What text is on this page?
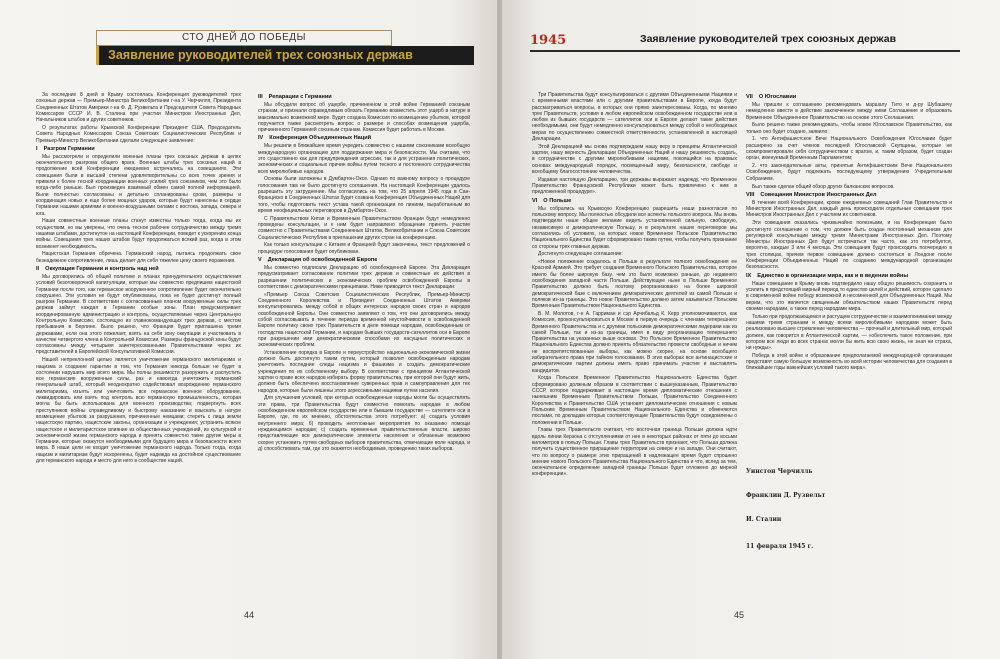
СТО ДНЕЙ ДО ПОБЕДЫ
Заявление руководителей трех союзных держав

За последние 8 дней в Крыму состоялась Конференция руководителей трех союзных держав — Премьер-Министра Великобритании г-на У. Черчилля, Президента Соединенных Штатов Америки г-на Ф. Д. Рузвельта и Председателя Совета Народных Комиссаров СССР И. В. Сталина при участии Министров Иностранных Дел, Начальников штабов и других советников.

О результатах работы Крымской Конференции Президент США, Председатель Совета Народных Комиссаров Союза Советских Социалистических Республик и Премьер-Министр Великобритании сделали следующее заявление:

I Разгром Германии

Мы рассмотрели и определили военные планы трех союзных держав в целях окончательного разгрома общего врага. Военные штабы трех союзных наций в продолжение всей Конференции ежедневно встречались на совещаниях. Эти совещания были в высшей степени удовлетворительны со всех точек зрения и привели к более тесной координации военных усилий трех союзников, чем это было когда-либо раньше. Был произведен взаимный обмен самой полной информацией. Были полностью согласованы и детально спланированы сроки, размеры и координация новых и еще более мощных ударов, которые будут нанесены в сердце Германии нашими армиями и военно-воздушными силами с востока, запада, севера и юга.

Наши совместные военные планы станут известны только тогда, когда мы их осуществим, но мы уверены, что очень тесное рабочее сотрудничество между тремя нашими штабами, достигнутое на настоящей Конференции, поведет к ускорению конца войны. Совещания трех наших штабов будут продолжаться всякий раз, когда в этом возникнет необходимость.

Нацистская Германия обречена. Германский народ, пытаясь продолжать свое безнадежное сопротивление, лишь делает для себя тяжелее цену своего поражения.

II Оккупация Германии и контроль над ней

Мы договорились об общей политике и планах принудительного осуществления условий безоговорочной капитуляции, которые мы совместно предпишем нацистской Германии после того, как германское вооруженное сопротивление будет окончательно сокрушено. Эти условия не будут опубликованы, пока не будет достигнут полный разгром Германии. В соответствии с согласованным планом вооруженные силы трех держав займут каждая в Германии особые зоны. План предусматривает координированную администрацию и контроль, осуществляемые через Центральную Контрольную Комиссию, состоящую из главнокомандующих трех держав, с местом пребывания в Берлине. Было решено, что Франция будет приглашена тремя державами, если она этого пожелает, взять на себя зону оккупации и участвовать в качестве четвертого члена в Контрольной Комиссии. Размеры французской зоны будут согласованы между четырьмя заинтересованными Правительствами через их представителей в Европейской Консультативной Комиссии.

Нашей непреклонной целью является уничтожение германского милитаризма и нацизма и создание гарантии в том, что Германия никогда больше не будет в состоянии нарушить мир всего мира. Мы полны решимости разоружить и распустить все германские вооруженные силы, раз и навсегда уничтожить германский генеральный штаб, который неоднократно содействовал возрождению германского милитаризма, изъять или уничтожить все германское военное оборудование, ликвидировать или взять под контроль всю германскую промышленность, которая могла бы быть использована для военного производства; подвергнуть всех преступников войны справедливому и быстрому наказанию и взыскать в натуре возмещение убытков за разрушения, причиненные немцами; стереть с лица земли нацистскую партию, нацистские законы, организации и учреждения; устранить всякое нацистское и милитаристское влияние из общественных учреждений, из культурной и экономической жизни германского народа и принять совместно такие другие меры в Германии, которые окажутся необходимыми для будущего мира и безопасности всего мира. В наши цели не входит уничтожение германского народа. Только тогда, когда нацизм и милитаризм будут искоренены, будет надежда на достойное существование для германского народа и место для него в сообществе наций.

III Репарации с Германии

Мы обсудили вопрос об ущербе, причиненном в этой войне Германией союзным странам, и признали справедливым обязать Германию возместить этот ущерб в натуре в максимально возможной мере. Будет создана Комиссия по возмещению убытков, которой поручается также рассмотреть вопрос о размере и способах возмещения ущерба, причиненного Германией союзным странам. Комиссия будет работать в Москве.

IV Конференция Объединенных Наций

Мы решили в ближайшее время учредить совместно с нашими союзниками всеобщую международную организацию для поддержания мира и безопасности. Мы считаем, что это существенно как для предупреждения агрессии, так и для устранения политических, экономических и социальных причин войны путем тесного и постоянного сотрудничества всех миролюбивых народов.

Основы были заложены в Думбартон-Оксе. Однако по важному вопросу о процедуре голосования там не было достигнуто соглашения. На настоящей Конференции удалось разрешить эту затруднение. Мы согласились на том, что 25 апреля 1945 года в Сан-Франциско в Соединенных Штатах будет созвана Конференция Объединенных Наций для того, чтобы подготовить текст устава такой организации по линиям, выработанным во время неофициальных переговоров в Думбартон-Оксе.

С Правительством Китая и Временным Правительством Франции будут немедленно проведены консультации, и к ним будет направлено обращение принять участие совместно с Правительствами Соединенных Штатов, Великобритании и Союза Советских Социалистических Республик в приглашении других стран на конференцию.

Как только консультации с Китаем и Францией будут закончены, текст предложений о процедуре голосования будет опубликован.

V Декларация об освобожденной Европе

Мы совместно подписали Декларацию об освобожденной Европе. Эта Декларация предусматривает согласование политики трех держав и совместные их действия в разрешении политических и экономических проблем освобожденной Европы в соответствии с демократическими принципами. Ниже приводится текст Декларации:

«Премьер Союза Советских Социалистических Республик, Премьер-Министр Соединенного Королевства и Президент Соединенных Штатов Америки консультировались между собой в общих интересах народов своих стран и народов освобожденной Европы. Они совместно заявляют о том, что они договорились между собой согласовывать в течение периода временной неустойчивости в освобожденной Европе политику своих трех Правительств в деле помощи народам, освобожденным от господства нацистской Германии, и народам бывших государств-сателлитов оси в Европе при разрешении ими демократическими способами их насущных политических и экономических проблем.

Установление порядка в Европе и переустройство национально-экономической жизни должно быть достигнуто таким путем, который позволит освобожденным народам уничтожить последние следы нацизма и фашизма и создать демократические учреждения по их собственному выбору. В соответствии с принципом Атлантической хартии о праве всех народов избирать форму правительства, при которой они будут жить, должно быть обеспечено восстановление суверенных прав и самоуправления для тех народов, которые были лишены этого агрессивными нациями путем насилия.

Для улучшения условий, при которых освобожденные народы могли бы осуществлять эти права, три Правительства будут совместно помогать народам в любом освобожденном европейском государстве или в бывшем государстве — сателлите оси в Европе, где, по их мнению, обстоятельства этого потребуют: а) создать условия внутреннего мира; б) проводить неотложные мероприятия по оказанию помощи нуждающимся народам; с) создать временные правительственные власти, широко представляющие все демократические элементы населения и обязанные возможно скорее установить путем свободных выборов правительства, отвечающие воле народа, и д) способствовать там, где это окажется необходимым, проведению таких выборов.

44
1945	Заявление руководителей трех союзных держав

Три Правительства будут консультироваться с другими Объединенными Нациями и с временными властями или с другими правительствами в Европе, когда будут рассматриваться вопросы, в которых они прямо заинтересованы. Когда, по мнению трех Правительств, условия в любом европейском освобожденном государстве или в любом из бывших государств — сателлитов оси в Европе делают такие действия необходимыми, они будут немедленно консультироваться между собой о необходимых мерах по осуществлению совместной ответственности, установленной в настоящей Декларации.

Этой Декларацией мы снова подтверждаем нашу веру в принципы Атлантической хартии, нашу верность Декларации Объединенных Наций и нашу решимость создать, в сотрудничестве с другими миролюбивыми нациями, покоящийся на правовых основах международный порядок, посвященный миру, безопасности, свободе и всеобщему благосостоянию человечества.

Издавая настоящую Декларацию, три державы выражают надежду, что Временное Правительство Французской Республики может быть привлечено к ним в предложенной процедуре».

VI О Польше

Мы собрались на Крымскую Конференцию разрешить наши разногласия по польскому вопросу. Мы полностью обсудили все аспекты польского вопроса. Мы вновь подтвердили наше общее желание видеть установленной сильную, свободную, независимую и демократическую Польшу, и в результате наших переговоров мы согласились об условиях, на которых новое Временное Польское Правительство Национального Единства будет сформировано таким путем, чтобы получить признание со стороны трех главных держав.

Достигнуто следующее соглашение:

«Новое положение создалось в Польше в результате полного освобождения ее Красной Армией. Это требует создания Временного Польского Правительства, которое имело бы более широкую базу, чем это было возможно раньше, до недавнего освобождения западной части Польши. Действующее ныне в Польше Временное Правительство должно быть поэтому реорганизовано на более широкой демократической базе с включением демократических деятелей из самой Польши и поляков из-за границы. Это новое Правительство должно затем называться Польским Временным Правительством Национального Единства.

В. М. Молотов, г-н А. Гарриман и сэр Арчибальд К. Керр уполномочиваются, как Комиссия, проконсультироваться в Москве в первую очередь с членами теперешнего Временного Правительства и с другими польскими демократическими лидерами как из самой Польши, так и из-за границы, имея в виду реорганизацию теперешнего Правительства на указанных выше основах. Это Польское Временное Правительство Национального Единства должно принять обязательство провести свободные и ничем не воспрепятствованные выборы, как можно скорее, на основе всеобщего избирательного права при тайном голосовании. В этих выборах все антинацистские и демократические партии должны иметь право принимать участие и выставлять кандидатов.

Когда Польское Временное Правительство Национального Единства будет сформировано должным образом в соответствии с вышеуказанным, Правительство СССР, которое поддерживает в настоящее время дипломатические отношения с нынешним Временным Правительством Польши, Правительство Соединенного Королевства и Правительство США установят дипломатические отношения с новым Польским Временным Правительством Национального Единства и обменяются послами, по докладам которых соответствующие Правительства будут осведомлены о положении в Польше.

Главы трех Правительств считают, что восточная граница Польши должна идти вдоль линии Керзона с отступлениями от нее в некоторых районах от пяти до восьми километров в пользу Польши. Главы трех Правительств признают, что Польша должна получить существенное приращение территории на севере и на западе. Они считают, что по вопросу о размере этих приращений в надлежащее время будет спрошено мнение нового Польского Правительства Национального Единства и что, вслед за тем, окончательное определение западной границы Польши будет отложено до мирной конференции».

VII О Югославии

Мы пришли к соглашению рекомендовать маршалу Тито и д-ру Шубашичу немедленно ввести в действие заключенное между ними Соглашение и образовать Временное Объединенное Правительство на основе этого Соглашения.

Было решено также рекомендовать, чтобы новое Югославское Правительство, как только оно будет создано, заявило:

1. что Антифашистское Вече Национального Освобождения Югославии будет расширено за счет членов последней Югославской Скупщины, которые не скомпрометировали себя сотрудничеством с врагом, и, таким образом, будет создан орган, именуемый Временным Парламентом;

2. что законодательные акты, принятые Антифашистским Вече Национального Освобождения, будут подлежать последующему утверждению Учредительным Собранием.

Был также сделан общий обзор других балканских вопросов.

VIII Совещания Министров Иностранных Дел

В течение всей Конференции, кроме ежедневных совещаний Глав Правительств и Министров Иностранных Дел, каждый день происходили отдельные совещания трех Министров Иностранных Дел с участием их советников.

Эти совещания оказались чрезвычайно полезными, и на Конференции было достигнуто соглашение о том, что должен быть создан постоянный механизм для регулярной консультации между тремя Министрами Иностранных Дел. Поэтому Министры Иностранных Дел будут встречаться так часто, как это потребуется, вероятно, каждые 3 или 4 месяца. Эти совещания будут происходить поочередно в трех столицах, причем первое совещание должно состояться в Лондоне после Конференции Объединенных Наций по созданию международной организации безопасности.

IX Единство в организации мира, как и в ведении войны

Наше совещание в Крыму вновь подтвердило нашу общую решимость сохранить и усилить в предстоящий мирный период то единство целей и действий, которое сделало в современной войне победу возможной и несомненной для Объединенных Наций. Мы верим, что это является священным обязательством наших Правительств перед своими народами, а также перед народами мира.

Только при продолжающемся и растущем сотрудничестве и взаимопонимании между нашими тремя странами и между всеми миролюбивыми народами может быть реализовано высшее стремление человечества — прочный и длительный мир, который должен, как говорится в Атлантической хартии, — «обеспечить такое положение, при котором все люди во всех странах могли бы жить всю свою жизнь, не зная ни страха, ни нужды».

Победа в этой войне и образование предполагаемой международной организации представят самую большую возможность во всей истории человечества для создания в ближайшие годы важнейших условий такого мира».

Уинстон Черчилль
Франклин Д. Рузвельт
И. Сталин
11 февраля 1945 г.
45
